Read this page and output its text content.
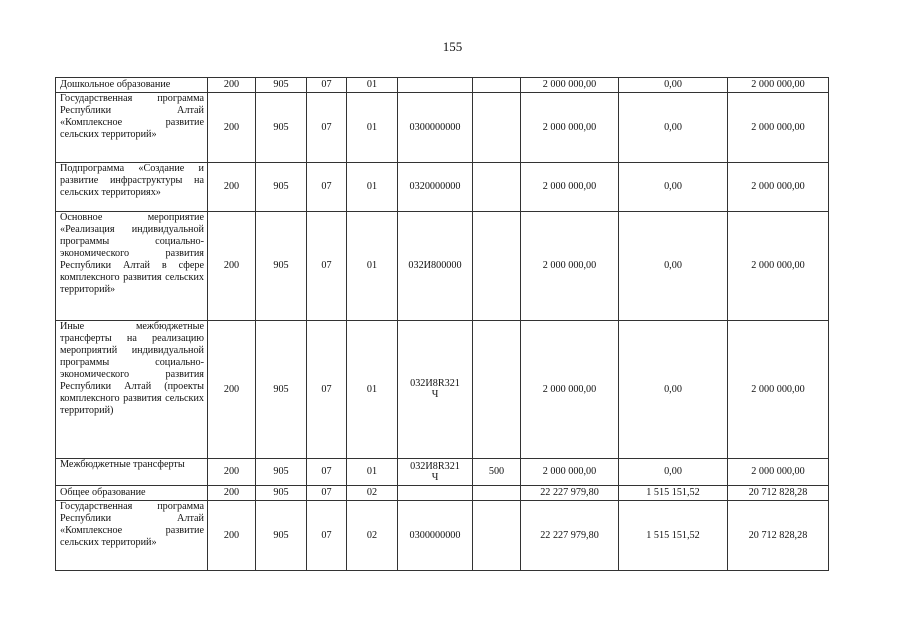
155
Дошкольное образование	200	905	07	01			2 000 000,00	0,00	2 000 000,00
Государственная программа Республики Алтай «Комплексное развитие сельских территорий»	200	905	07	01	0300000000		2 000 000,00	0,00	2 000 000,00
Подпрограмма «Создание и развитие инфраструктуры на сельских территориях»	200	905	07	01	0320000000		2 000 000,00	0,00	2 000 000,00
Основное мероприятие «Реализация индивидуальной программы социально-экономического развития Республики Алтай в сфере комплексного развития сельских территорий»	200	905	07	01	032И800000		2 000 000,00	0,00	2 000 000,00
Иные межбюджетные трансферты на реализацию мероприятий индивидуальной программы социально-экономического развития Республики Алтай (проекты комплексного развития сельских территорий)	200	905	07	01	032И8R321Ч		2 000 000,00	0,00	2 000 000,00
Межбюджетные трансферты	200	905	07	01	032И8R321Ч	500	2 000 000,00	0,00	2 000 000,00
Общее образование	200	905	07	02			22 227 979,80	1 515 151,52	20 712 828,28
Государственная программа Республики Алтай «Комплексное развитие сельских территорий»	200	905	07	02	0300000000		22 227 979,80	1 515 151,52	20 712 828,28
